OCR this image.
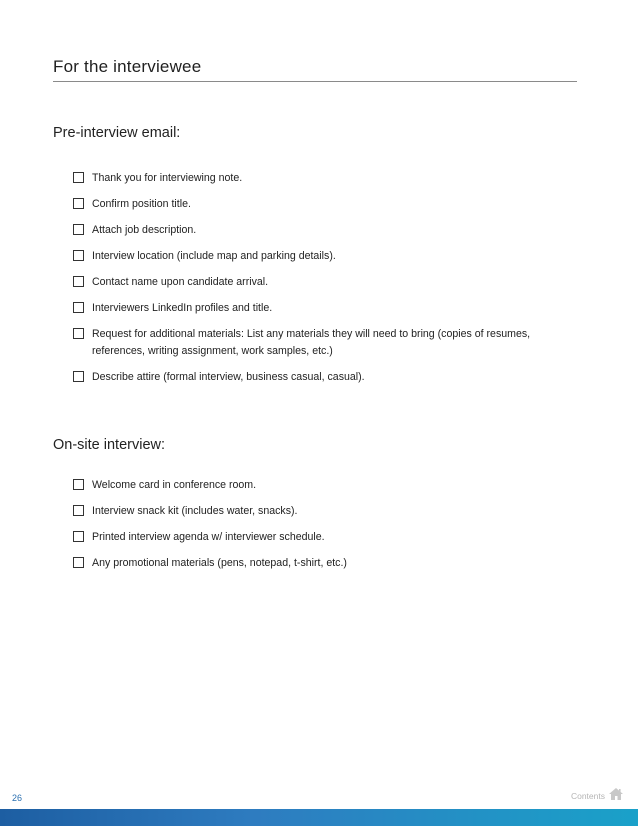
For the interviewee
Pre-interview email:
Thank you for interviewing note.
Confirm position title.
Attach job description.
Interview location (include map and parking details).
Contact name upon candidate arrival.
Interviewers LinkedIn profiles and title.
Request for additional materials: List any materials they will need to bring (copies of resumes, references, writing assignment, work samples, etc.)
Describe attire (formal interview, business casual, casual).
On-site interview:
Welcome card in conference room.
Interview snack kit (includes water, snacks).
Printed interview agenda w/ interviewer schedule.
Any promotional materials (pens, notepad, t-shirt, etc.)
26	Contents
